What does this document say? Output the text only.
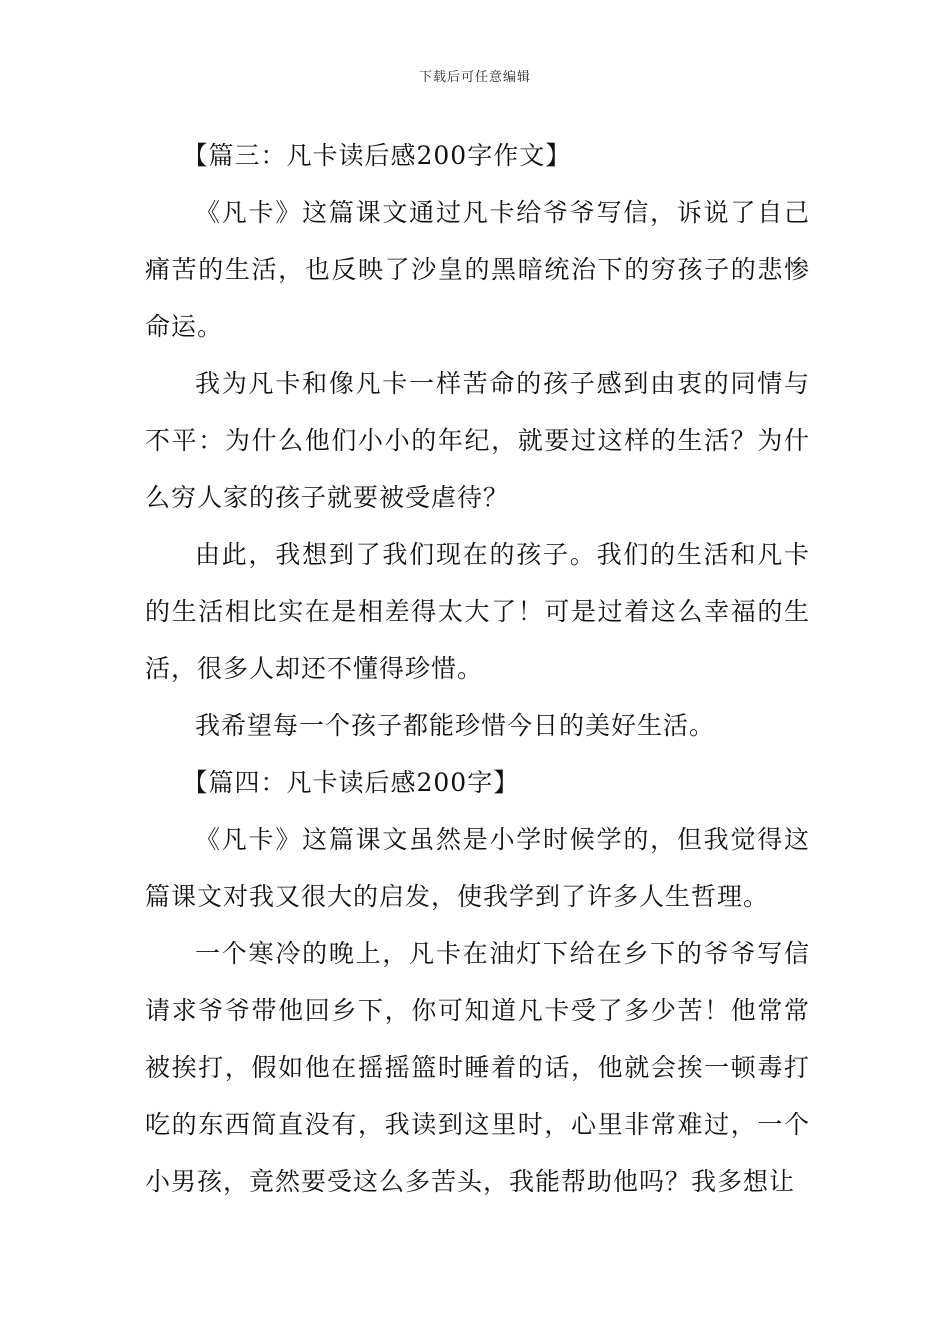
下载后可任意编辑

【篇三：凡卡读后感200字作文】

《凡卡》这篇课文通过凡卡给爷爷写信，诉说了自己痛苦的生活，也反映了沙皇的黑暗统治下的穷孩子的悲惨命运。

我为凡卡和像凡卡一样苦命的孩子感到由衷的同情与不平：为什么他们小小的年纪，就要过这样的生活？为什么穷人家的孩子就要被受虐待？

由此，我想到了我们现在的孩子。我们的生活和凡卡的生活相比实在是相差得太大了！可是过着这么幸福的生活，很多人却还不懂得珍惜。

我希望每一个孩子都能珍惜今日的美好生活。

【篇四：凡卡读后感200字】

《凡卡》这篇课文虽然是小学时候学的，但我觉得这篇课文对我又很大的启发，使我学到了许多人生哲理。

一个寒冷的晚上，凡卡在油灯下给在乡下的爷爷写信请求爷爷带他回乡下，你可知道凡卡受了多少苦！他常常被挨打，假如他在摇摇篮时睡着的话，他就会挨一顿毒打吃的东西简直没有，我读到这里时，心里非常难过，一个小男孩，竟然要受这么多苦头，我能帮助他吗？我多想让
